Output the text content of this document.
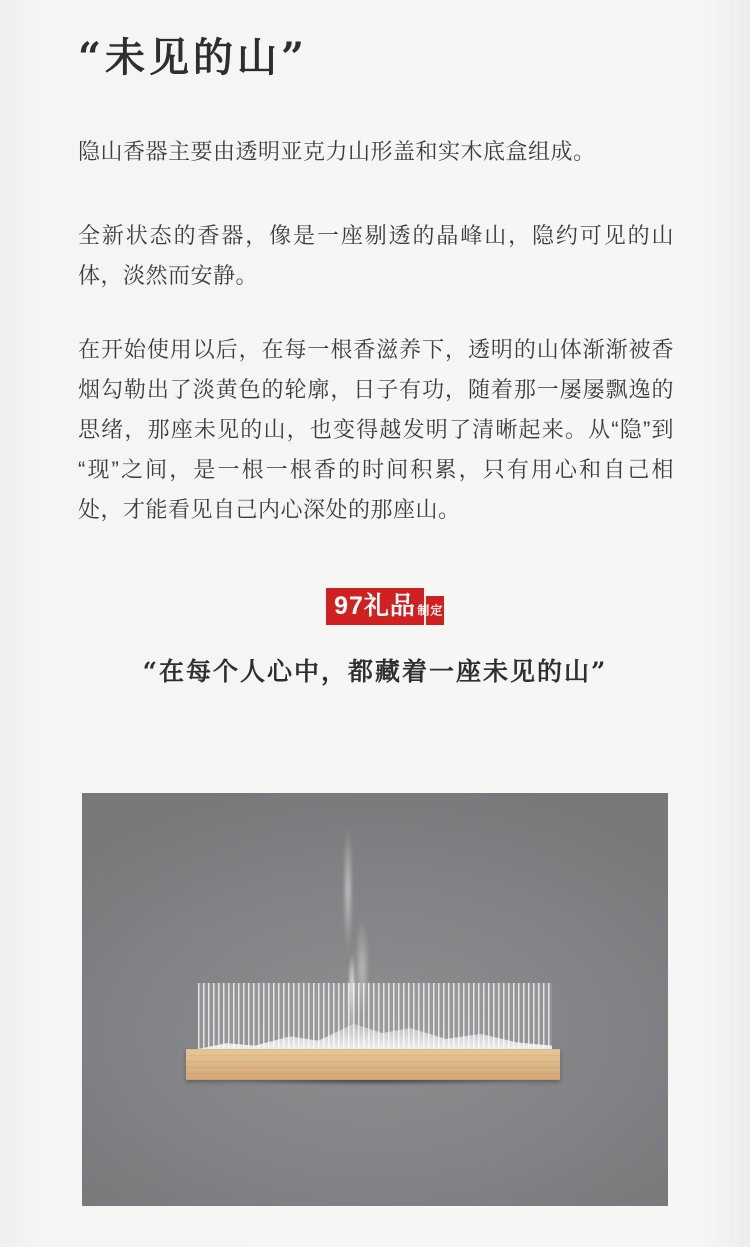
“未见的山”
隐山香器主要由透明亚克力山形盖和实木底盒组成。
全新状态的香器，像是一座剔透的晶峰山，隐约可见的山体，淡然而安静。
在开始使用以后，在每一根香滋养下，透明的山体渐渐被香烟勾勒出了淡黄色的轮廓，日子有功，随着那一屡屡飘逸的思绪，那座未见的山，也变得越发明了清晰起来。从“隐”到“现”之间，是一根一根香的时间积累，只有用心和自己相处，才能看见自己内心深处的那座山。
97礼品	定制
“在每个人心中，都藏着一座未见的山”
